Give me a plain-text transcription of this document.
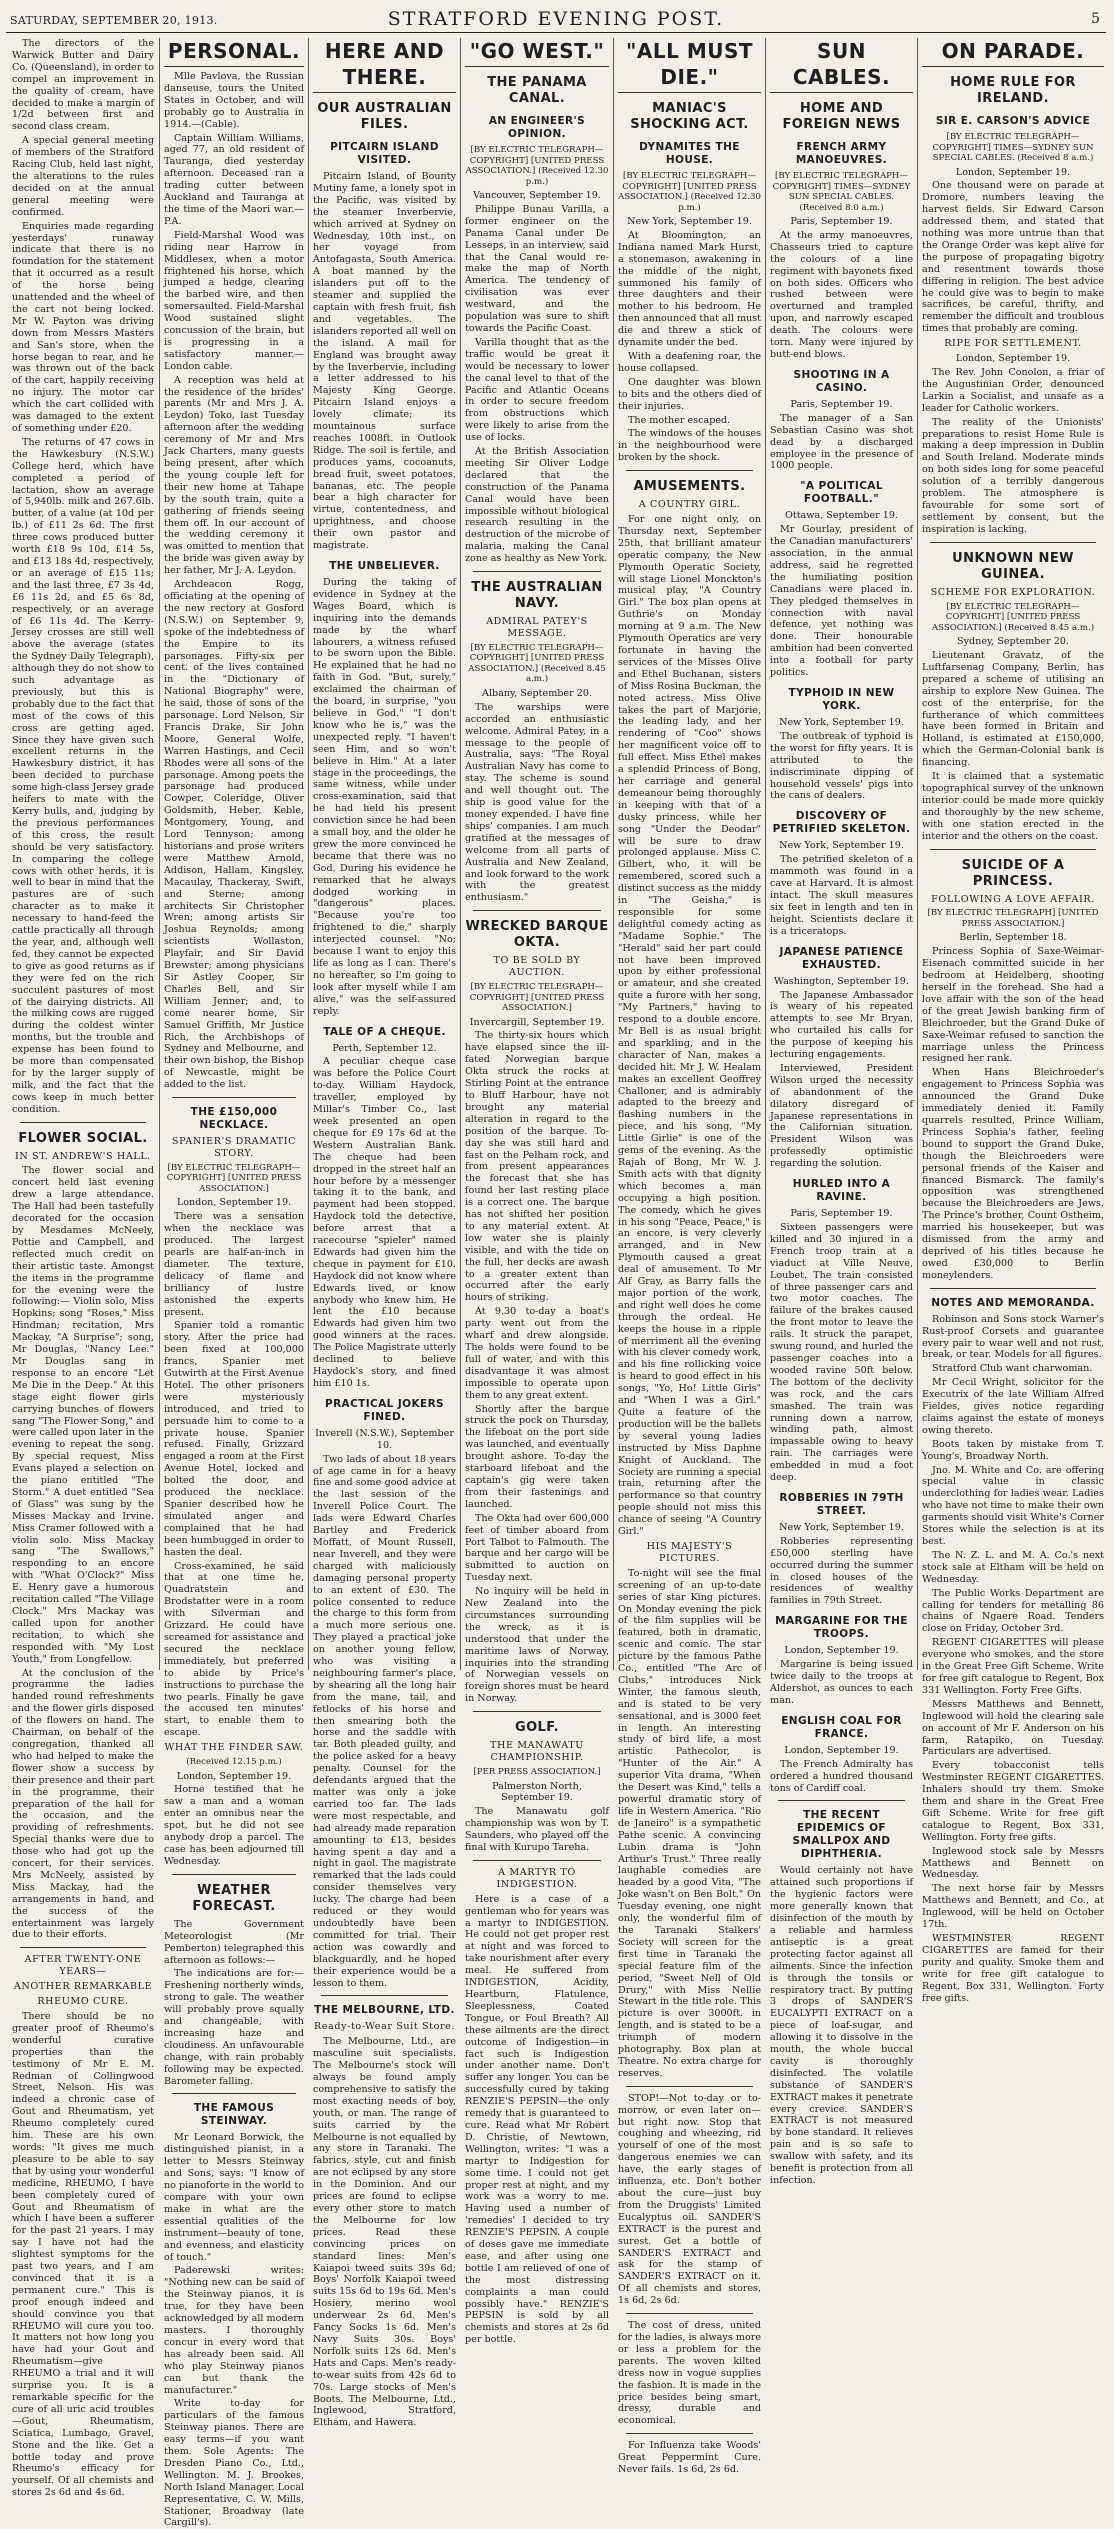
SATURDAY, SEPTEMBER 20, 1913.	STRATFORD EVENING POST.	5

The directors of the Warwick Butter and Dairy Co. (Queensland), in order to compel an improvement in the quality of cream, have decided to make a margin of 1/2d between first and second class cream.

A special general meeting of members of the Stratford Racing Club, held last night, the alterations to the rules decided on at the annual general meeting were confirmed.

Enquiries made regarding yesterdays' runaway indicate that there is no foundation for the statement that it occurred as a result of the horse being unattended and the wheel of the cart not being locked. Mr W. Payton was driving down from Messrs Masters and San's store, when the horse began to rear, and he was thrown out of the back of the cart, happily receiving no injury. The motor car which the cart collided with was damaged to the extent of something under £20.

The returns of 47 cows in the Hawkesbury (N.S.W.) College herd, which have completed a period of lactation, show an average of 5,940lb. milk and 267.6lb. butter, of a value (at 10d per lb.) of £11 2s 6d. The first three cows produced butter worth £18 9s 10d, £14 5s, and £13 18s 4d, respectively, or an average of £15 11s; and the last three, £7 3s 4d, £6 11s 2d, and £5 6s 8d, respectively, or an average of £6 11s 4d. The Kerry-Jersey crosses are still well above the average (states the Sydney Daily Telegraph), although they do not show to such advantage as previously, but this is probably due to the fact that most of the cows of this cross are getting aged. Since they have given such excellent returns in the Hawkesbury district, it has been decided to purchase some high-class Jersey grade heifers to mate with the Kerry bulls, and, judging by the previous performances of this cross, the result should be very satisfactory. In comparing the college cows with other herds, it is well to bear in mind that the pastures are of such character as to make it necessary to hand-feed the cattle practically all through the year, and, although well fed, they cannot be expected to give as good returns as if they were fed on the rich succulent pastures of most of the dairying districts. All the milking cows are rugged during the coldest winter months, but the trouble and expense has been found to be more than compensated for by the larger supply of milk, and the fact that the cows keep in much better condition.

FLOWER SOCIAL.
IN ST. ANDREW'S HALL.

The flower social and concert held last evening drew a large attendance. The Hall had been tastefully decorated for the occasion by Mesdames McNeely, Pottie and Campbell, and reflected much credit on their artistic taste. Amongst the items in the programme for the evening were the following:— Violin solo, Miss Hopkins; song "Roses," Miss Hindman; recitation, Mrs Mackay, "A Surprise"; song, Mr Douglas, "Nancy Lee." Mr Douglas sang in response to an encore "Let Me Die in the Deep." At this stage eight flower girls carrying bunches of flowers sang "The Flower Song," and were called upon later in the evening to repeat the song. By special request, Miss Evans played a selection on the piano entitled "The Storm." A duet entitled "Sea of Glass" was sung by the Misses Mackay and Irvine. Miss Cramer followed with a violin solo. Miss Mackay sang "The Swallows," responding to an encore with "What O'Clock?" Miss E. Henry gave a humorous recitation called "The Village Clock." Mrs Mackay was called upon for another recitation, to which she responded with "My Lost Youth," from Longfellow.

At the conclusion of the programme the ladies handed round refreshments and the flower girls disposed of the flowers on hand. The Chairman, on behalf of the congregation, thanked all who had helped to make the flower show a success by their presence and their part in the programme, their preparation of the hall for the occasion, and the providing of refreshments. Special thanks were due to those who had got up the concert, for their services. Mrs McNeely, assisted by Miss Mackay, had the arrangements in hand, and the success of the entertainment was largely due to their efforts.

AFTER TWENTY-ONE YEARS—
ANOTHER REMARKABLE
RHEUMO CURE.

There should be no greater proof of Rheumo's wonderful curative properties than the testimony of Mr E. M. Redman of Collingwood Street, Nelson. His was indeed a chronic case of Gout and Rheumatism, yet Rheumo completely cured him. These are his own words: "It gives me much pleasure to be able to say that by using your wonderful medicine, RHEUMO, I have been completely cured of Gout and Rheumatism of which I have been a sufferer for the past 21 years. I may say I have not had the slightest symptoms for the past two years, and I am convinced that it is a permanent cure." This is proof enough indeed and should convince you that RHEUMO will cure you too. It matters not how long you have had your Gout and Rheumatism—give RHEUMO a trial and it will surprise you. It is a remarkable specific for the cure of all uric acid troubles—Gout, Rheumatism, Sciatica, Lumbago, Gravel, Stone and the like. Get a bottle today and prove Rheumo's efficacy for yourself. Of all chemists and stores 2s 6d and 4s 6d.

PERSONAL.

Mlle Pavlova, the Russian danseuse, tours the United States in October, and will probably go to Australia in 1914.—(Cable).

Captain William Williams, aged 77, an old resident of Tauranga, died yesterday afternoon. Deceased ran a trading cutter between Auckland and Tauranga at the time of the Maori war.—P.A.

Field-Marshal Wood was riding near Harrow in Middlesex, when a motor frightened his horse, which jumped a hedge, clearing the barbed wire, and then somersaulted. Field-Marshal Wood sustained slight concussion of the brain, but is progressing in a satisfactory manner.—London cable.

A reception was held at the residence of the brides' parents (Mr and Mrs J. A. Leydon) Toko, last Tuesday afternoon after the wedding ceremony of Mr and Mrs Jack Charters, many guests being present, after which the young couple left for their new home at Tahape by the south train, quite a gathering of friends seeing them off. In our account of the wedding ceremony it was omitted to mention that the bride was given away by her father, Mr J. A. Leydon.

Archdeacon Rogg, officiating at the opening of the new rectory at Gosford (N.S.W.) on September 9, spoke of the indebtedness of the Empire to its parsonages. Fifty-six per cent. of the lives contained in the "Dictionary of National Biography" were, he said, those of sons of the parsonage. Lord Nelson, Sir Francis Drake, Sir John Moore, General Wolfe, Warren Hastings, and Cecil Rhodes were all sons of the parsonage. Among poets the parsonage had produced Cowper, Coleridge, Oliver Goldsmith, Heber, Keble, Montgomery, Young, and Lord Tennyson; among historians and prose writers were Matthew Arnold, Addison, Hallam, Kingsley, Macaulay, Thackeray, Swift, and Sterne; among architects Sir Christopher Wren; among artists Sir Joshua Reynolds; among scientists Wollaston, Playfair, and Sir David Brewster; among physicians Sir Astley Cooper, Sir Charles Bell, and Sir William Jenner; and, to come nearer home, Sir Samuel Griffith, Mr Justice Rich, the Archbishops of Sydney and Melbourne, and their own bishop, the Bishop of Newcastle, might be added to the list.

THE £150,000 NECKLACE.
SPANIER'S DRAMATIC STORY.

[BY ELECTRIC TELEGRAPH—COPYRIGHT] [UNITED PRESS ASSOCIATION.]

London, September 19.

There was a sensation when the necklace was produced. The largest pearls are half-an-inch in diameter. The texture, delicacy of flame and brilliancy of lustre astonished the experts present.

Spanier told a romantic story. After the price had been fixed at 100,000 francs, Spanier met Gutwirth at the First Avenue Hotel. The other prisoners were mysteriously introduced, and tried to persuade him to come to a private house. Spanier refused. Finally, Grizzard engaged a room at the First Avenue Hotel, locked and bolted the door, and produced the necklace. Spanier described how he simulated anger and complained that he had been humbugged in order to hasten the deal.

Cross-examined, he said that at one time he, Quadratstein and Brodstatter were in a room with Silverman and Grizzard. He could have screamed for assistance and secured the necklace immediately, but preferred to abide by Price's instructions to purchase the two pearls. Finally he gave the accused ten minutes' start, to enable them to escape.

WHAT THE FINDER SAW.

(Received 12.15 p.m.)

London, September 19.

Horne testified that he saw a man and a woman enter an omnibus near the spot, but he did not see anybody drop a parcel. The case has been adjourned till Wednesday.

WEATHER FORECAST.

The Government Meteorologist (Mr Pemberton) telegraphed this afternoon as follows:—

The indications are for:—Freshening northerly winds, strong to gale. The weather will probably prove squally and changeable, with increasing haze and cloudiness. An unfavourable change, with rain probably following may be expected. Barometer falling.

THE FAMOUS STEINWAY.

Mr Leonard Borwick, the distinguished pianist, in a letter to Messrs Steinway and Sons, says: "I know of no pianoforte in the world to compare with your own make in what are the essential qualities of the instrument—beauty of tone, and evenness, and elasticity of touch."

Paderewski writes: "Nothing new can be said of the Steinway pianos, it is true, for they have been acknowledged by all modern masters. I thoroughly concur in every word that has already been said. All who play Steinway pianos can but thank the manufacturer."

Write to-day for particulars of the famous Steinway pianos. There are easy terms—if you want them. Sole Agents: The Dresden Piano Co., Ltd., Wellington. M. J. Brookes, North Island Manager. Local Representative, C. W. Mills, Stationer, Broadway (late Cargill's).

HERE AND THERE.
OUR AUSTRALIAN FILES.
PITCAIRN ISLAND VISITED.

Pitcairn Island, of Bounty Mutiny fame, a lonely spot in the Pacific, was visited by the steamer Inverbervie, which arrived at Sydney on Wednesday, 10th inst., on her voyage from Antofagasta, South America. A boat manned by the islanders put off to the steamer and supplied the captain with fresh fruit, fish and vegetables. The islanders reported all well on the island. A mail for England was brought away by the Inverbervie, including a letter addressed to his Majesty King George. Pitcairn Island enjoys a lovely climate; its mountainous surface reaches 1008ft. in Outlook Ridge. The soil is fertile, and produces yams, cocoanuts, bread fruit, sweet potatoes, bananas, etc. The people bear a high character for virtue, contentedness, and uprightness, and choose their own pastor and magistrate.

THE UNBELIEVER.

During the taking of evidence in Sydney at the Wages Board, which is inquiring into the demands made by the wharf labourers, a witness refused to be sworn upon the Bible. He explained that he had no faith in God. "But, surely," exclaimed the chairman of the board, in surprise, "you believe in God." "I don't know who he is," was the unexpected reply. "I haven't seen Him, and so won't believe in Him." At a later stage in the proceedings, the same witness, while under cross-examination, said that he had held his present conviction since he had been a small boy, and the older he grew the more convinced he became that there was no God. During his evidence he remarked that he always dodged working in "dangerous" places. "Because you're too frightened to die," sharply interjected counsel. "No; because I want to enjoy this life as long as I can. There's no hereafter, so I'm going to look after myself while I am alive," was the self-assured reply.

TALE OF A CHEQUE.

Perth, September 12.

A peculiar cheque case was before the Police Court to-day. William Haydock, traveller, employed by Millar's Timber Co., last week presented an open cheque for £9 17s 6d at the Western Australian Bank. The cheque had been dropped in the street half an hour before by a messenger taking it to the bank, and payment had been stopped. Haydock told the detective, before arrest that a racecourse "spieler" named Edwards had given him the cheque in payment for £10. Haydock did not know where Edwards lived, or know anybody who knew him. He lent the £10 because Edwards had given him two good winners at the races. The Police Magistrate utterly declined to believe Haydock's story, and fined him £10 1s.

PRACTICAL JOKERS FINED.

Inverell (N.S.W.), September 10.

Two lads of about 18 years of age came in for a heavy fine and some good advice at the last session of the Inverell Police Court. The lads were Edward Charles Bartley and Frederick Moffatt, of Mount Russell, near Inverell, and they were charged with maliciously damaging personal property to an extent of £30. The police consented to reduce the charge to this form from a much more serious one. They played a practical joke on another young fellow, who was visiting a neighbouring farmer's place, by shearing all the long hair from the mane, tail, and fetlocks of his horse and then smearing both the horse and the saddle with tar. Both pleaded guilty, and the police asked for a heavy penalty. Counsel for the defendants argued that the matter was only a joke carried too far. The lads were most respectable, and had already made reparation amounting to £13, besides having spent a day and a night in gaol. The magistrate remarked that the lads could consider themselves very lucky. The charge had been reduced or they would undoubtedly have been committed for trial. Their action was cowardly and blackguardly, and he hoped their experience would be a lesson to them.

THE MELBOURNE, LTD.
Ready-to-Wear Suit Store.

The Melbourne, Ltd., are masculine suit specialists. The Melbourne's stock will always be found amply comprehensive to satisfy the most exacting needs of boy, youth, or man. The range of suits carried by the Melbourne is not equalled by any store in Taranaki. The fabrics, style, cut and finish are not eclipsed by any store in the Dominion. And our prices are found to eclipse every other store to match the Melbourne for low prices. Read these convincing prices on standard lines: Men's Kaiapoi tweed suits 39s 6d; Boys' Norfolk Kaiapoi tweed suits 15s 6d to 19s 6d. Men's Hosiery, merino wool underwear 2s 6d. Men's Fancy Socks 1s 6d. Men's Navy Suits 30s. Boys' Norfolk suits 12s 6d. Men's Hats and Caps. Men's ready-to-wear suits from 42s 6d to 70s. Large stocks of Men's Boots. The Melbourne, Ltd., Inglewood, Stratford, Eltham, and Hawera.

"GO WEST."
THE PANAMA CANAL.
AN ENGINEER'S OPINION.

[BY ELECTRIC TELEGRAPH—COPYRIGHT] [UNITED PRESS ASSOCIATION.] (Received 12.30 p.m.)

Vancouver, September 19.

Philippe Bunau Varilla, a former engineer on the Panama Canal under De Lesseps, in an interview, said that the Canal would re-make the map of North America. The tendency of civilisation was ever westward, and the population was sure to shift towards the Pacific Coast.

Varilla thought that as the traffic would be great it would be necessary to lower the canal level to that of the Pacific and Atlantic Oceans in order to secure freedom from obstructions which were likely to arise from the use of locks.

At the British Association meeting Sir Oliver Lodge declared that the construction of the Panama Canal would have been impossible without biological research resulting in the destruction of the microbe of malaria, making the Canal zone as healthy as New York.

THE AUSTRALIAN NAVY.
ADMIRAL PATEY'S MESSAGE.

[BY ELECTRIC TELEGRAPH—COPYRIGHT] [UNITED PRESS ASSOCIATION.] (Received 8.45 a.m.)

Albany, September 20.

The warships were accorded an enthusiastic welcome. Admiral Patey, in a message to the people of Australia, says: "The Royal Australian Navy has come to stay. The scheme is sound and well thought out. The ship is good value for the money expended. I have fine ships' companies. I am much gratified at the messages of welcome from all parts of Australia and New Zealand, and look forward to the work with the greatest enthusiasm."

WRECKED BARQUE OKTA.
TO BE SOLD BY AUCTION.

[BY ELECTRIC TELEGRAPH—COPYRIGHT] [UNITED PRESS ASSOCIATION.]

Invercargill, September 19.

The thirty-six hours which have elapsed since the ill-fated Norwegian barque Okta struck the rocks at Stirling Point at the entrance to Bluff Harbour, have not brought any material alteration in regard to the position of the barque. To-day she was still hard and fast on the Pelham rock, and from present appearances the forecast that she has found her last resting place is a correct one. The barque has not shifted her position to any material extent. At low water she is plainly visible, and with the tide on the full, her decks are awash to a greater extent than occurred after the early hours of striking.

At 9.30 to-day a boat's party went out from the wharf and drew alongside. The holds were found to be full of water, and with this disadvantage it was almost impossible to operate upon them to any great extent.

Shortly after the barque struck the pock on Thursday, the lifeboat on the port side was launched, and eventually brought ashore. To-day the starboard lifeboat and the captain's gig were taken from their fastenings and launched.

The Okta had over 600,000 feet of timber aboard from Port Talbot to Falmouth. The barque and her cargo will be submitted to auction on Tuesday next.

No inquiry will be held in New Zealand into the circumstances surrounding the wreck, as it is understood that under the maritime laws of Norway, inquiries into the stranding of Norwegian vessels on foreign shores must be heard in Norway.

GOLF.
THE MANAWATU CHAMPIONSHIP.

[PER PRESS ASSOCIATION.]

Palmerston North, September 19.

The Manawatu golf championship was won by T. Saunders, who played off the final with Kurupo Tareha.

A MARTYR TO INDIGESTION.

Here is a case of a gentleman who for years was a martyr to INDIGESTION. He could not get proper rest at night and was forced to take nourishment after every meal. He suffered from INDIGESTION, Acidity, Heartburn, Flatulence, Sleeplessness, Coated Tongue, or Foul Breath? All these ailments are the direct outcome of Indigestion—in fact such is Indigestion under another name. Don't suffer any longer. You can be successfully cured by taking RENZIE'S PEPSIN—the only remedy that is guaranteed to cure. Read what Mr Robert D. Christie, of Newtown, Wellington, writes: "I was a martyr to Indigestion for some time. I could not get proper rest at night, and my work was a worry to me. Having used a number of 'remedies' I decided to try RENZIE'S PEPSIN. A couple of doses gave me immediate ease, and after using one bottle I am relieved of one of the most distressing complaints a man could possibly have." RENZIE'S PEPSIN is sold by all chemists and stores at 2s 6d per bottle.

"ALL MUST DIE."
MANIAC'S SHOCKING ACT.
DYNAMITES THE HOUSE.

[BY ELECTRIC TELEGRAPH—COPYRIGHT] [UNITED PRESS ASSOCIATION.] (Received 12.30 p.m.)

New York, September 19.

At Bloomington, an Indiana named Mark Hurst, a stonemason, awakening in the middle of the night, summoned his family of three daughters and their mother to his bedroom. He then announced that all must die and threw a stick of dynamite under the bed.

With a deafening roar, the house collapsed.

One daughter was blown to bits and the others died of their injuries.

The mother escaped.

The windows of the houses in the neighbourhood were broken by the shock.

AMUSEMENTS.
A COUNTRY GIRL.

For one night only, on Thursday next, September 25th, that brilliant amateur operatic company, the New Plymouth Operatic Society, will stage Lionel Monckton's musical play, "A Country Girl." The box plan opens at Guthrie's on Monday morning at 9 a.m. The New Plymouth Operatics are very fortunate in having the services of the Misses Olive and Ethel Buchanan, sisters of Miss Rosina Buckman, the noted actress. Miss Olive takes the part of Marjorie, the leading lady, and her rendering of "Coo" shows her magnificent voice off to full effect. Miss Ethel makes a splendid Princess of Bong, her carriage and general demeanour being thoroughly in keeping with that of a dusky princess, while her song "Under the Deodar" will be sure to draw prolonged applause. Miss C. Gilbert, who, it will be remembered, scored such a distinct success as the middy in "The Geisha," is responsible for some delightful comedy acting as "Madame Sophie." The "Herald" said her part could not have been improved upon by either professional or amateur, and she created quite a furore with her song, "My Partners," having to respond to a double encore. Mr Bell is as usual bright and sparkling, and in the character of Nan, makes a decided hit. Mr J. W. Healam makes an excellent Geoffrey Challoner, and is admirably adapted to the breezy and flashing numbers in the piece, and his song, "My Little Girlie" is one of the gems of the evening. As the Rajah of Bong, Mr W. J. Smith acts with that dignity which becomes a man occupying a high position. The comedy, which he gives in his song "Peace, Peace," is an encore, is very cleverly arranged, and in New Plymouth caused a great deal of amusement. To Mr Alf Gray, as Barry falls the major portion of the work, and right well does he come through the ordeal. He keeps the house in a ripple of merriment all the evening with his clever comedy work, and his fine rollicking voice is heard to good effect in his songs, "Yo, Ho! Little Girls" and "When I was a Girl." Quite a feature of the production will be the ballets by several young ladies instructed by Miss Daphne Knight of Auckland. The Society are running a special train, returning after the performance so that country people should not miss this chance of seeing "A Country Girl."

HIS MAJESTY'S PICTURES.

To-night will see the final screening of an up-to-date series of star King pictures. On Monday evening the pick of the film supplies will be featured, both in dramatic, scenic and comic. The star picture by the famous Pathe Co., entitled "The Arc of Clubs," introduces Nick Winter, the famous sleuth, and is stated to be very sensational, and is 3000 feet in length. An interesting study of bird life, a most artistic Pathecolor, is "Hunter of the Air." A superior Vita drama, "When the Desert was Kind," tells a powerful dramatic story of life in Western America. "Rio de Janeiro" is a sympathetic Pathe scenic. A convincing Lubin drama is "John Arthur's Trust." Three really laughable comedies are headed by a good Vita, "The Joke wasn't on Ben Bolt." On Tuesday evening, one night only, the wonderful film of the Taranaki Stalkers' Society will screen for the first time in Taranaki the special feature film of the period, "Sweet Nell of Old Drury," with Miss Nellie Stewart in the title role. This picture is over 3000ft. in length, and is stated to be a triumph of modern photography. Box plan at Theatre. No extra charge for reserves.

STOP!—Not to-day or to-morrow, or even later on—but right now. Stop that coughing and wheezing, rid yourself of one of the most dangerous enemies we can have, the early stages of influenza, etc. Don't bother about the cure—just buy from the Druggists' Limited Eucalyptus oil. SANDER'S EXTRACT is the purest and surest. Get a bottle of SANDER'S EXTRACT and ask for the stamp of SANDER'S EXTRACT on it. Of all chemists and stores, 1s 6d, 2s 6d.

The cost of dress, united for the ladies, is always more or less a problem for the parents. The woven kilted dress now in vogue supplies the fashion. It is made in the price besides being smart, dressy, durable and economical.

For Influenza take Woods' Great Peppermint Cure. Never fails. 1s 6d, 2s 6d.

SUN CABLES.
HOME AND FOREIGN NEWS
FRENCH ARMY MANOEUVRES.

[BY ELECTRIC TELEGRAPH—COPYRIGHT] TIMES—SYDNEY SUN SPECIAL CABLES. (Received 8.0 a.m.)

Paris, September 19.

At the army manoeuvres, Chasseurs tried to capture the colours of a line regiment with bayonets fixed on both sides. Officers who rushed between were overturned and trampled upon, and narrowly escaped death. The colours were torn. Many were injured by butt-end blows.

SHOOTING IN A CASINO.

Paris, September 19.

The manager of a San Sebastian Casino was shot dead by a discharged employee in the presence of 1000 people.

"A POLITICAL FOOTBALL."

Ottawa, September 19.

Mr Gourlay, president of the Canadian manufacturers' association, in the annual address, said he regretted the humiliating position Canadians were placed in. They pledged themselves in connection with naval defence, yet nothing was done. Their honourable ambition had been converted into a football for party politics.

TYPHOID IN NEW YORK.

New York, September 19.

The outbreak of typhoid is the worst for fifty years. It is attributed to the indiscriminate dipping of household vessels' pigs into the cans of dealers.

DISCOVERY OF PETRIFIED SKELETON.

New York, September 19.

The petrified skeleton of a mammoth was found in a cave at Harvard. It is almost intact. The skull measures six feet in length and ten in height. Scientists declare it is a triceratops.

JAPANESE PATIENCE EXHAUSTED.

Washington, September 19.

The Japanese Ambassador is weary of his repeated attempts to see Mr Bryan, who curtailed his calls for the purpose of keeping his lecturing engagements.

Interviewed, President Wilson urged the necessity of abandonment of the dilatory disregard of Japanese representations in the Californian situation. President Wilson was professedly optimistic regarding the solution.

HURLED INTO A RAVINE.

Paris, September 19.

Sixteen passengers were killed and 30 injured in a French troop train at a viaduct at Ville Neuve, Loubet. The train consisted of three passenger cars and two motor coaches. The failure of the brakes caused the front motor to leave the rails. It struck the parapet, swung round, and hurled the passenger coaches into a wooded ravine 50ft below. The bottom of the declivity was rock, and the cars smashed. The train was running down a narrow, winding path, almost impassable owing to heavy rain. The carriages were embedded in mud a foot deep.

ROBBERIES IN 79TH STREET.

New York, September 19.

Robberies representing £50,000 sterling have occurred during the summer in closed houses of the residences of wealthy families in 79th Street.

MARGARINE FOR THE TROOPS.

London, September 19.

Margarine is being issued twice daily to the troops at Aldershot, as ounces to each man.

ENGLISH COAL FOR FRANCE.

London, September 19.

The French Admiralty has ordered a hundred thousand tons of Cardiff coal.

THE RECENT EPIDEMICS OF SMALLPOX AND DIPHTHERIA.

Would certainly not have attained such proportions if the hygienic factors were more generally known that disinfection of the mouth by a reliable and harmless antiseptic is a great protecting factor against all ailments. Since the infection is through the tonsils or respiratory tract. By putting 3 drops of SANDER'S EUCALYPTI EXTRACT on a piece of loaf-sugar, and allowing it to dissolve in the mouth, the whole buccal cavity is thoroughly disinfected. The volatile substance of SANDER'S EXTRACT makes it penetrate every crevice. SANDER'S EXTRACT is not measured by bone standard. It relieves pain and is so safe to swallow with safety, and its benefit is protection from all infection.

ON PARADE.
HOME RULE FOR IRELAND.
SIR E. CARSON'S ADVICE

[BY ELECTRIC TELEGRAPH—COPYRIGHT] TIMES—SYDNEY SUN SPECIAL CABLES. (Received 8 a.m.)

London, September 19.

One thousand were on parade at Dromore, numbers leaving the harvest fields. Sir Edward Carson addressed them, and stated that nothing was more untrue than that the Orange Order was kept alive for the purpose of propagating bigotry and resentment towards those differing in religion. The best advice he could give was to begin to make sacrifices, be careful, thrifty, and remember the difficult and troublous times that probably are coming.

RIPE FOR SETTLEMENT.

London, September 19.

The Rev. John Conolon, a friar of the Augustinian Order, denounced Larkin a Socialist, and unsafe as a leader for Catholic workers.

The reality of the Unionists' preparations to resist Home Rule is making a deep impression in Dublin and South Ireland. Moderate minds on both sides long for some peaceful solution of a terribly dangerous problem. The atmosphere is favourable for some sort of settlement by consent, but the inspiration is lacking.

UNKNOWN NEW GUINEA.
SCHEME FOR EXPLORATION.

[BY ELECTRIC TELEGRAPH—COPYRIGHT] [UNITED PRESS ASSOCIATION.] (Received 8.45 a.m.)

Sydney, September 20.

Lieutenant Gravatz, of the Luftfarsenag Company, Berlin, has prepared a scheme of utilising an airship to explore New Guinea. The cost of the enterprise, for the furtherance of which committees have been formed in Britain and Holland, is estimated at £150,000, which the German-Colonial bank is financing.

It is claimed that a systematic topographical survey of the unknown interior could be made more quickly and thoroughly by the new scheme, with one station erected in the interior and the others on the coast.

SUICIDE OF A PRINCESS.
FOLLOWING A LOVE AFFAIR.

[BY ELECTRIC TELEGRAPH] [UNITED PRESS ASSOCIATION.]

Berlin, September 18.

Princess Sophia of Saxe-Weimar-Eisenach committed suicide in her bedroom at Heidelberg, shooting herself in the forehead. She had a love affair with the son of the head of the great Jewish banking firm of Bleichroeder, but the Grand Duke of Saxe-Weimar refused to sanction the marriage unless the Princess resigned her rank.

When Hans Bleichroeder's engagement to Princess Sophia was announced the Grand Duke immediately denied it. Family quarrels resulted, Prince William, Princess Sophia's father, feeling bound to support the Grand Duke, though the Bleichroeders were personal friends of the Kaiser and financed Bismarck. The family's opposition was strengthened because the Bleichroeders are Jews. The Prince's brother, Count Ostheim, married his housekeeper, but was dismissed from the army and deprived of his titles because he owed £30,000 to Berlin moneylenders.

NOTES AND MEMORANDA.

Robinson and Sons stock Warner's Rust-proof Corsets and guarantee every pair to wear well and not rust, break, or tear. Models for all figures.

Stratford Club want charwoman.

Mr Cecil Wright, solicitor for the Executrix of the late William Alfred Fieldes, gives notice regarding claims against the estate of moneys owing thereto.

Boots taken by mistake from T. Young's, Broadway North.

Jno. M. White and Co. are offering special value in classic underclothing for ladies wear. Ladies who have not time to make their own garments should visit White's Corner Stores while the selection is at its best.

The N. Z. L. and M. A. Co.'s next stock sale at Eltham will be held on Wednesday.

The Public Works Department are calling for tenders for metalling 86 chains of Ngaere Road. Tenders close on Friday, October 3rd.

REGENT CIGARETTES will please everyone who smokes, and the store in the Great Free Gift Scheme. Write for free gift catalogue to Regent, Box 331 Wellington. Forty Free Gifts.

Messrs Matthews and Bennett, Inglewood will hold the clearing sale on account of Mr F. Anderson on his farm, Ratapiko, on Tuesday. Particulars are advertised.

Every tobacconist tells Westminster REGENT CIGARETTES. Inhalers should try them. Smoke them and share in the Great Free Gift Scheme. Write for free gift catalogue to Regent, Box 331, Wellington. Forty free gifts.

Inglewood stock sale by Messrs Matthews and Bennett on Wednesday.

The next horse fair by Messrs Matthews and Bennett, and Co., at Inglewood, will be held on October 17th.

WESTMINSTER REGENT CIGARETTES are famed for their purity and quality. Smoke them and write for free gift catalogue to Regent, Box 331, Wellington. Forty free gifts.
